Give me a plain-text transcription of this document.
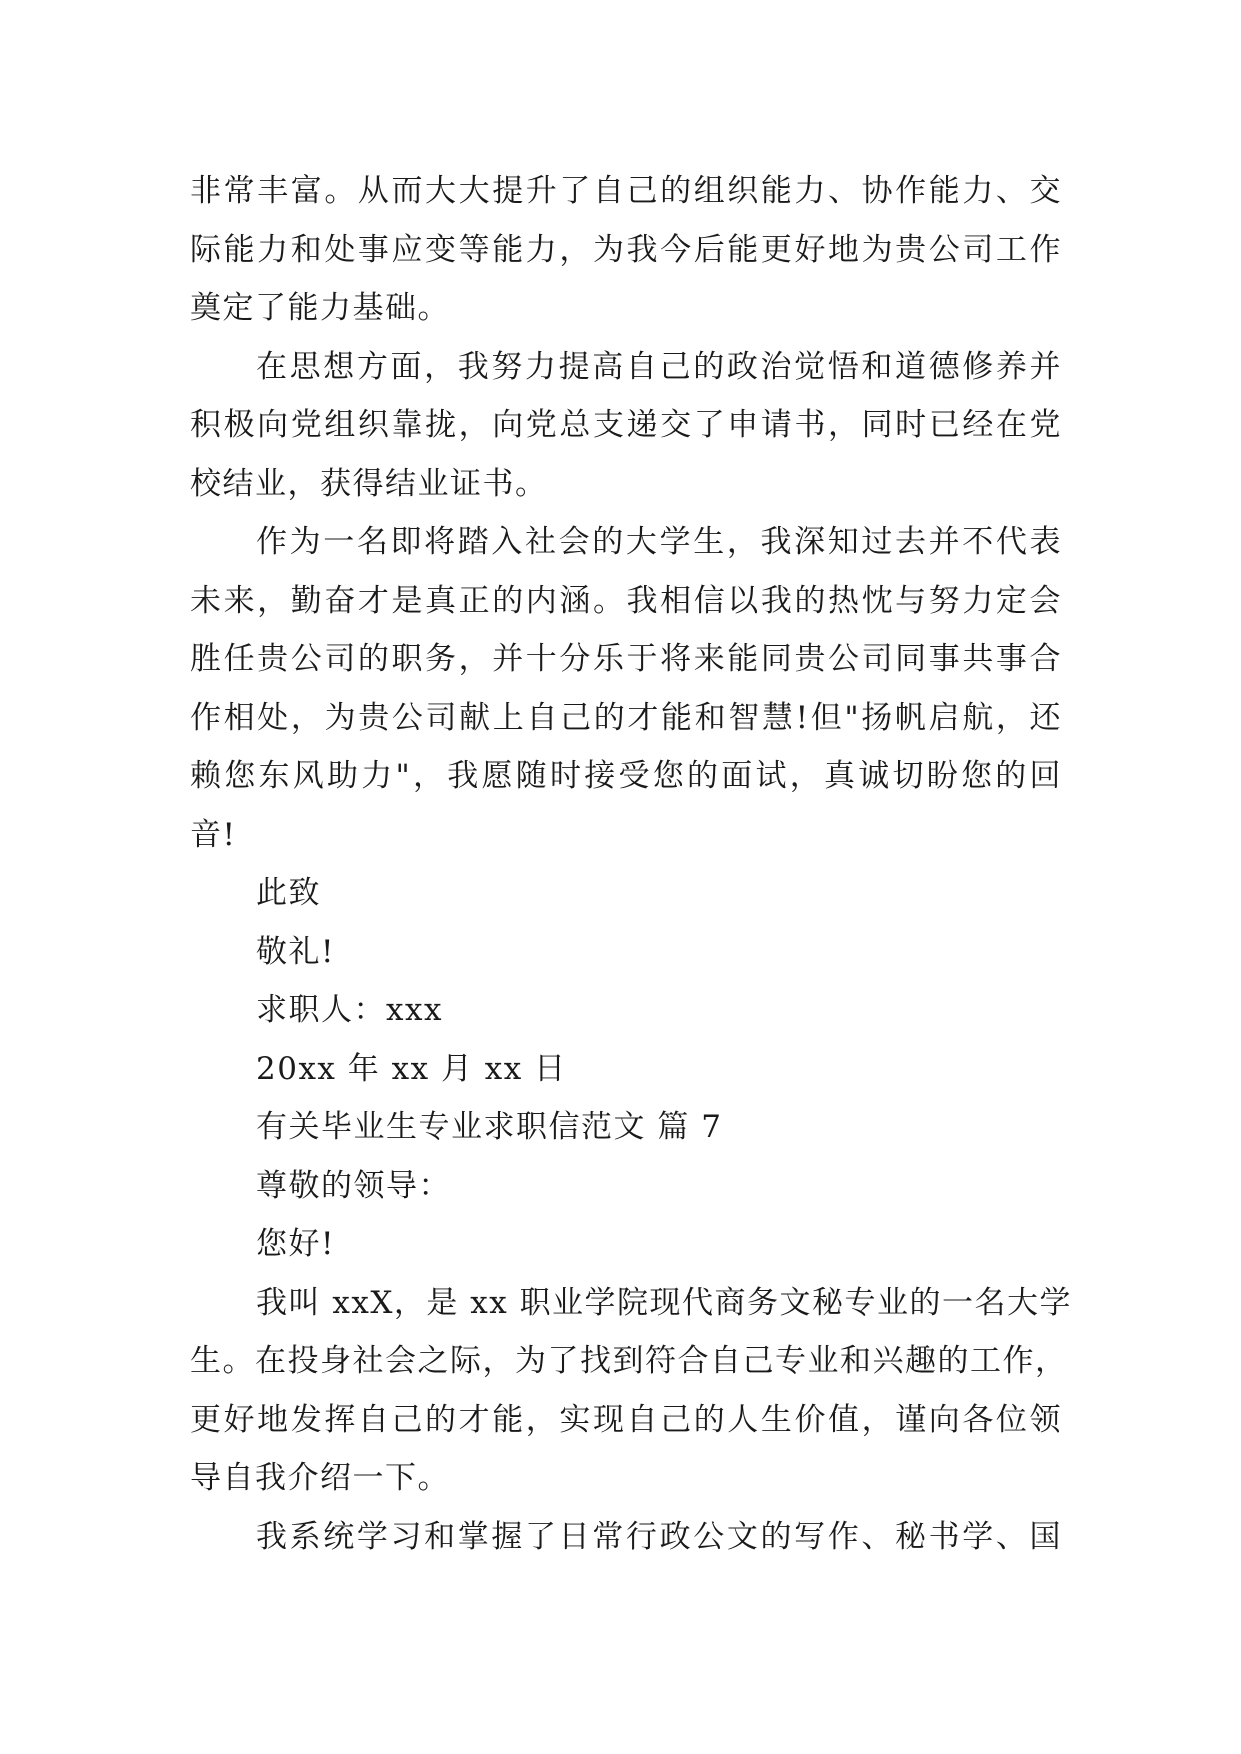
非常丰富。从而大大提升了自己的组织能力、协作能力、交
际能力和处事应变等能力，为我今后能更好地为贵公司工作
奠定了能力基础。
在思想方面，我努力提高自己的政治觉悟和道德修养并
积极向党组织靠拢，向党总支递交了申请书，同时已经在党
校结业，获得结业证书。
作为一名即将踏入社会的大学生，我深知过去并不代表
未来，勤奋才是真正的内涵。我相信以我的热忱与努力定会
胜任贵公司的职务，并十分乐于将来能同贵公司同事共事合
作相处，为贵公司献上自己的才能和智慧!但"扬帆启航，还
赖您东风助力"，我愿随时接受您的面试，真诚切盼您的回
音!
此致
敬礼!
求职人：xxx
20xx 年 xx 月 xx 日
有关毕业生专业求职信范文 篇 7
尊敬的领导：
您好!
我叫 xxX，是 xx 职业学院现代商务文秘专业的一名大学
生。在投身社会之际，为了找到符合自己专业和兴趣的工作，
更好地发挥自己的才能，实现自己的人生价值，谨向各位领
导自我介绍一下。
我系统学习和掌握了日常行政公文的写作、秘书学、国
